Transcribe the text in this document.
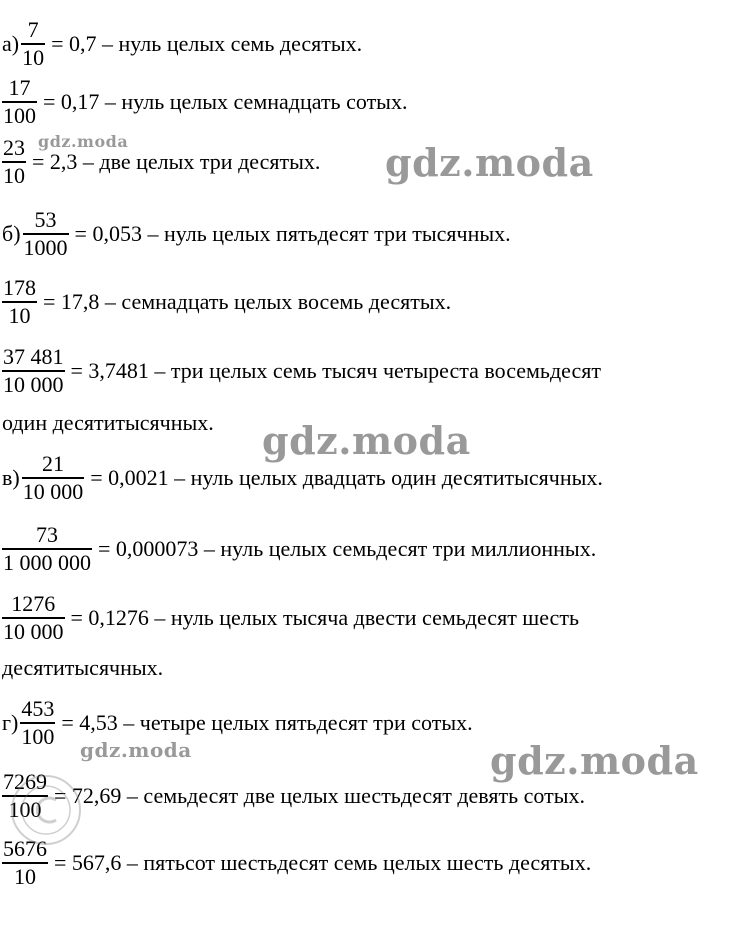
$а) \frac{7}{10} = 0,7$ – нуль целых семь десятых.
$\frac{17}{100} = 0,17$ – нуль целых семнадцать сотых.
$\frac{23}{10} = 2,3$ – две целых три десятых.
$б) \frac{53}{1000} = 0,053$ – нуль целых пятьдесят три тысячных.
$\frac{178}{10} = 17,8$ – семнадцать целых восемь десятых.
$\frac{37 481}{10 000} = 3,7481$ – три целых семь тысяч четыреста восемьдесят
один десятитысячных.
$в) \frac{21}{10 000} = 0,0021$ – нуль целых двадцать один десятитысячных.
$\frac{73}{1 000 000} = 0,000073$ – нуль целых семьдесят три миллионных.
$\frac{1276}{10 000} = 0,1276$ – нуль целых тысяча двести семьдесят шесть
десятитысячных.
$г) \frac{453}{100} = 4,53$ – четыре целых пятьдесят три сотых.
$\frac{7269}{100} = 72,69$ – семьдесят две целых шестьдесят девять сотых.
$\frac{5676}{10} = 567,6$ – пятьсот шестьдесят семь целых шесть десятых.
gdz.moda	gdz.moda
gdz.moda
gdz.moda
gdz.moda
